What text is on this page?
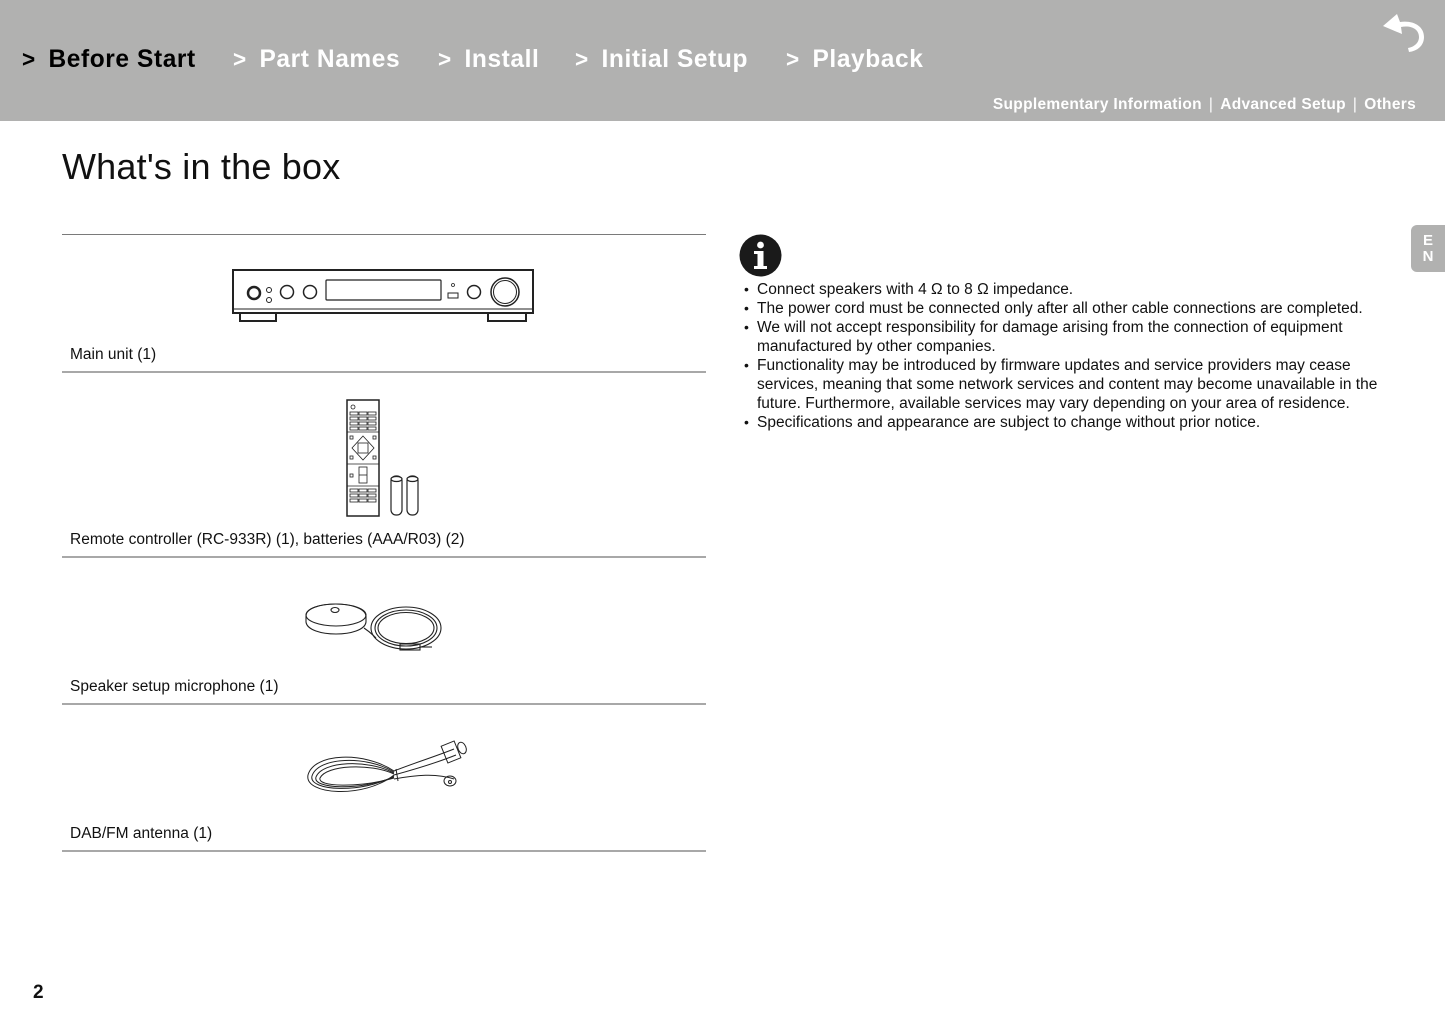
> Before Start > Part Names > Install > Initial Setup > Playback
Supplementary Information | Advanced Setup | Others
What's in the box
Main unit (1)
Remote controller (RC-933R) (1), batteries (AAA/R03) (2)
Speaker setup microphone (1)
DAB/FM antenna (1)
• Connect speakers with 4 Ω to 8 Ω impedance.
• The power cord must be connected only after all other cable connections are completed.
• We will not accept responsibility for damage arising from the connection of equipment manufactured by other companies.
• Functionality may be introduced by firmware updates and service providers may cease services, meaning that some network services and content may become unavailable in the future. Furthermore, available services may vary depending on your area of residence.
• Specifications and appearance are subject to change without prior notice.
E
N
2
